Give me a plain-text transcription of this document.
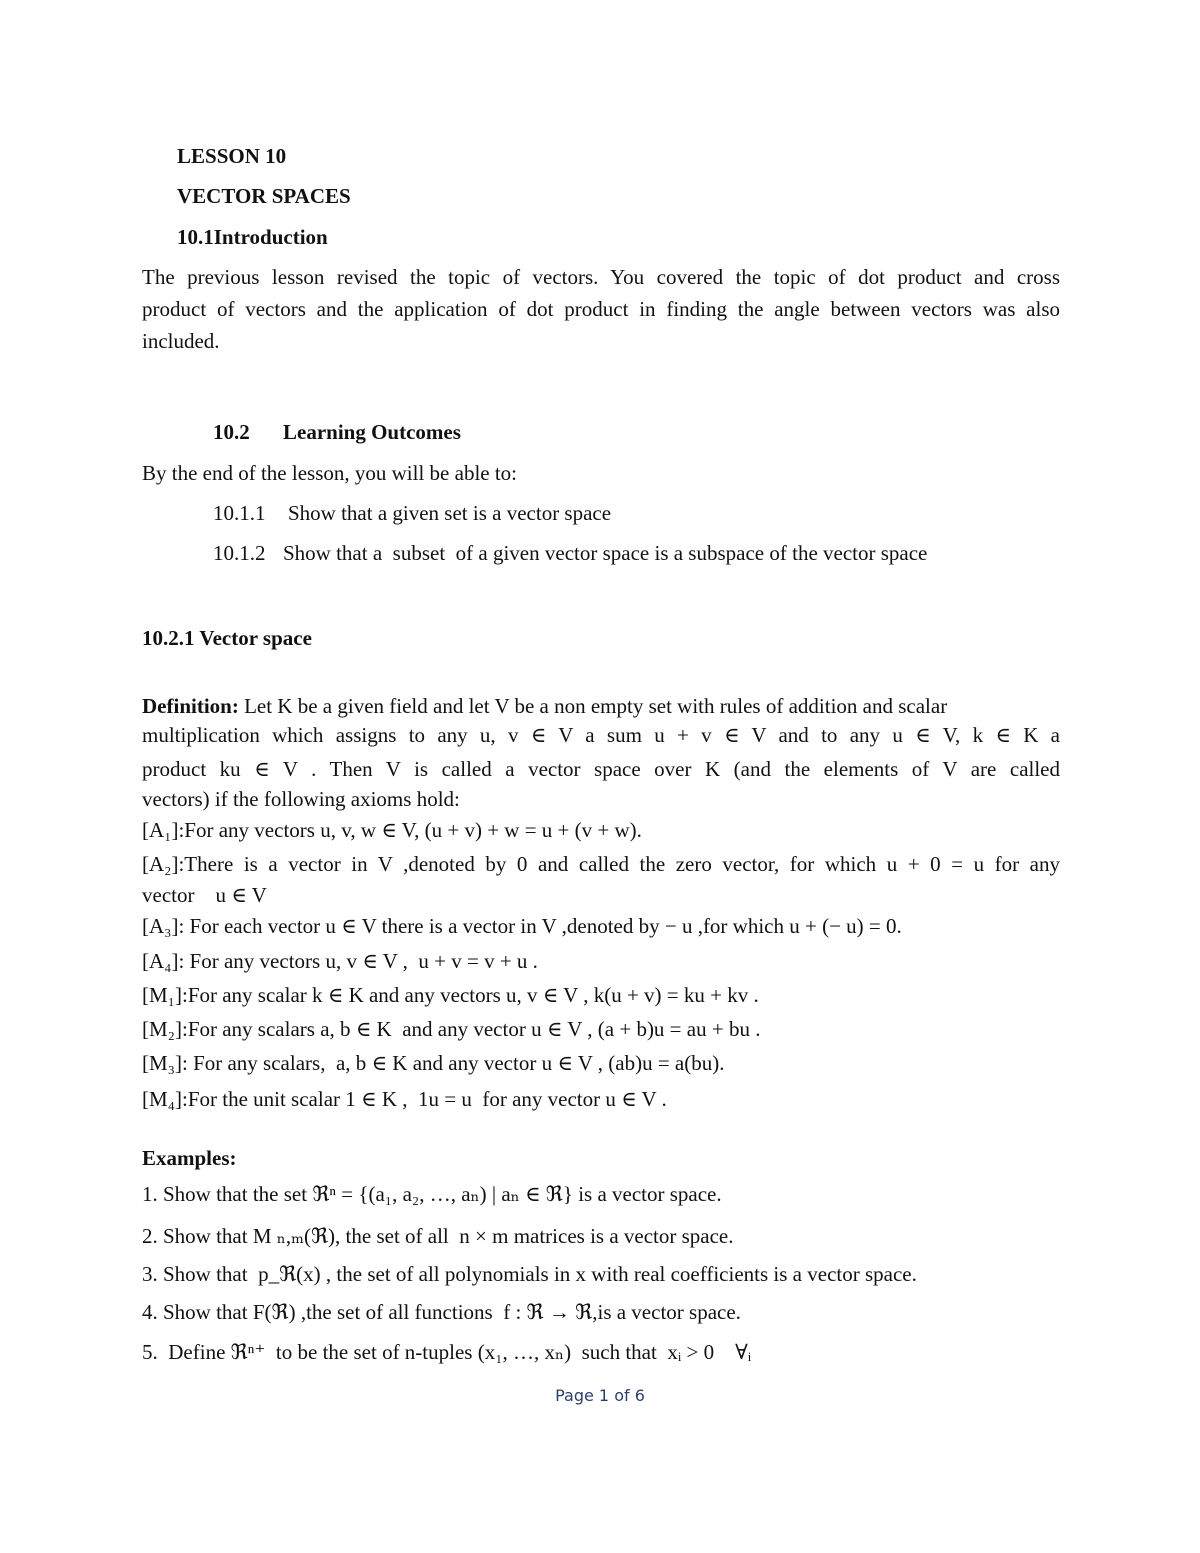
LESSON 10
VECTOR SPACES
10.1Introduction
The previous lesson revised the topic of vectors. You covered the topic of dot product and cross
product of vectors and the application of dot product in finding the angle between vectors was also
included.
10.2 Learning Outcomes
By the end of the lesson, you will be able to:
10.1.1 Show that a given set is a vector space
10.1.2 Show that a  subset  of a given vector space is a subspace of the vector space
10.2.1 Vector space
Definition: Let K be a given field and let V be a non empty set with rules of addition and scalar
multiplication which assigns to any u, v ∈ V a sum u + v ∈ V and to any u ∈ V, k ∈ K a
product ku ∈ V . Then V is called a vector space over K (and the elements of V are called
vectors) if the following axioms hold:
[A₁]:For any vectors u, v, w ∈ V, (u + v) + w = u + (v + w).
[A₂]:There is a vector in V ,denoted by 0 and called the zero vector, for which u + 0 = u for any
vector    u ∈ V
[A₃]: For each vector u ∈ V there is a vector in V ,denoted by − u ,for which u + (− u) = 0.
[A₄]: For any vectors u, v ∈ V ,  u + v = v + u .
[M₁]:For any scalar k ∈ K and any vectors u, v ∈ V , k(u + v) = ku + kv .
[M₂]:For any scalars a, b ∈ K  and any vector u ∈ V , (a + b)u = au + bu .
[M₃]: For any scalars,  a, b ∈ K and any vector u ∈ V , (ab)u = a(bu).
[M₄]:For the unit scalar 1 ∈ K ,  1u = u  for any vector u ∈ V .
Examples:
1. Show that the set ℜⁿ = {(a₁, a₂, …, aₙ) | aₙ ∈ ℜ} is a vector space.
2. Show that M ₙ,ₘ(ℜ), the set of all  n × m matrices is a vector space.
3. Show that  p_ℜ(x) , the set of all polynomials in x with real coefficients is a vector space.
4. Show that F(ℜ) ,the set of all functions  f : ℜ → ℜ,is a vector space.
5.  Define ℜⁿ⁺  to be the set of n-tuples (x₁, …, xₙ)  such that  xᵢ > 0    ∀ᵢ
Page 1 of 6
